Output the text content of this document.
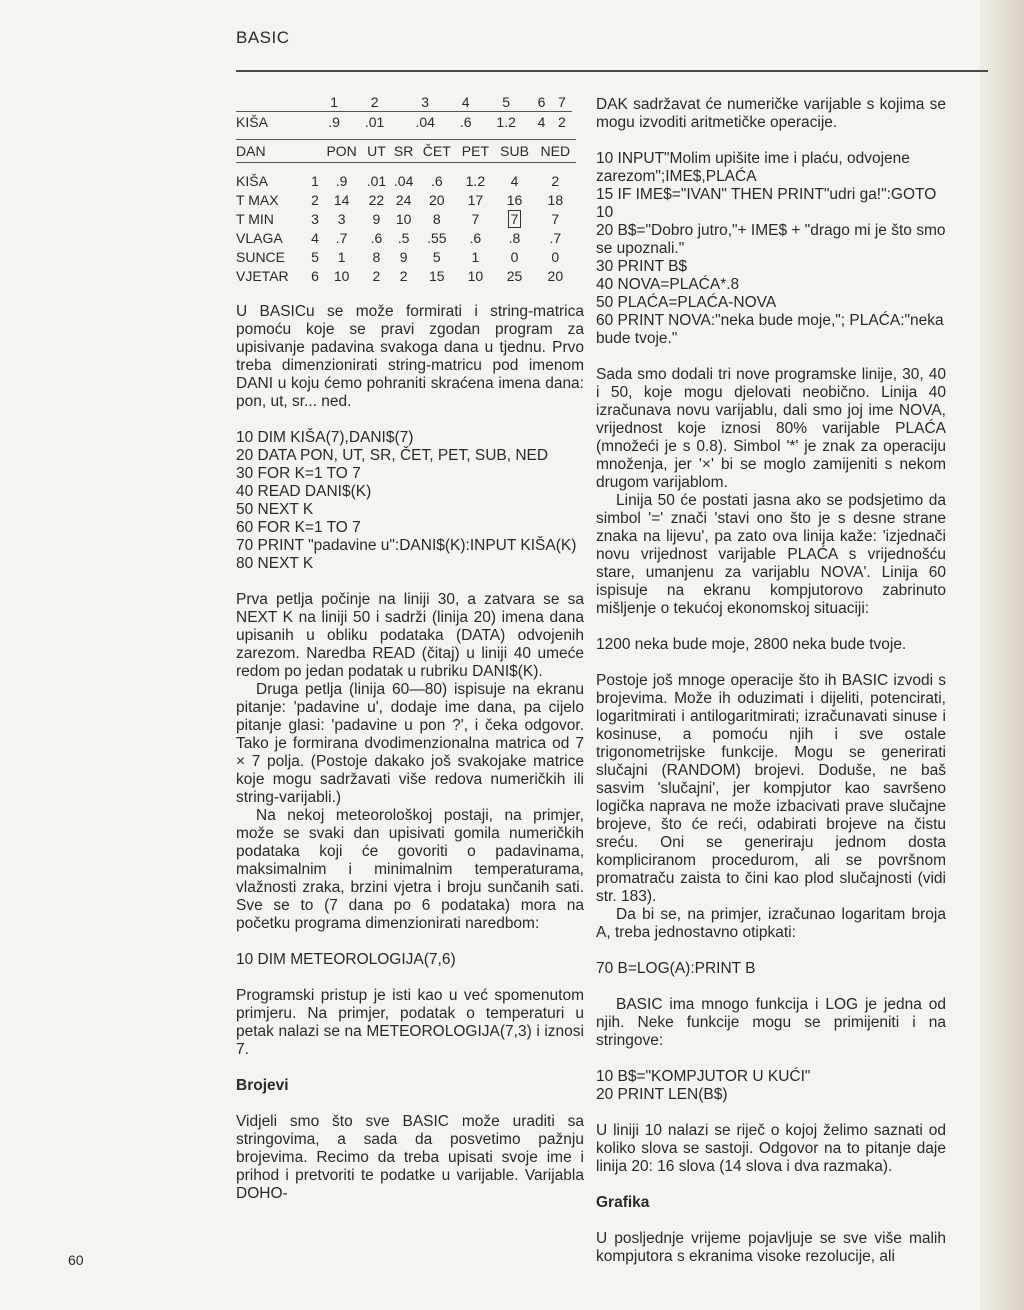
BASIC
	1	2	3	4	5	6	7
KIŠA	.9	.01	.04	.6	1.2	4	2
DAN		PON	UT	SR	ČET	PET	SUB	NED

KIŠA	1	.9	.01	.04	.6	1.2	4	2
T MAX	2	14	22	24	20	17	16	18
T MIN	3	3	9	10	8	7	7	7
VLAGA	4	.7	.6	.5	.55	.6	.8	.7
SUNCE	5	1	8	9	5	1	0	0
VJETAR	6	10	2	2	15	10	25	20

U BASICu se može formirati i string-matrica pomoću koje se pravi zgodan program za upisivanje padavina svakoga dana u tjednu. Prvo treba dimenzionirati string-matricu pod imenom DANI u koju ćemo pohraniti skraćena imena dana: pon, ut, sr... ned.

10 DIM KIŠA(7),DANI$(7)
20 DATA PON, UT, SR, ČET, PET, SUB, NED
30 FOR K=1 TO 7
40 READ DANI$(K)
50 NEXT K
60 FOR K=1 TO 7
70 PRINT "padavine u":DANI$(K):INPUT KIŠA(K)
80 NEXT K

Prva petlja počinje na liniji 30, a zatvara se sa NEXT K na liniji 50 i sadrži (linija 20) imena dana upisanih u obliku podataka (DATA) odvojenih zarezom. Naredba READ (čitaj) u liniji 40 umeće redom po jedan podatak u rubriku DANI$(K).

Druga petlja (linija 60—80) ispisuje na ekranu pitanje: 'padavine u', dodaje ime dana, pa cijelo pitanje glasi: 'padavine u pon ?', i čeka odgovor. Tako je formirana dvodimenzionalna matrica od 7 × 7 polja. (Postoje dakako još svakojake matrice koje mogu sadržavati više redova numeričkih ili string-varijabli.)

Na nekoj meteorološkoj postaji, na primjer, može se svaki dan upisivati gomila numeričkih podataka koji će govoriti o padavinama, maksimalnim i minimalnim temperaturama, vlažnosti zraka, brzini vjetra i broju sunčanih sati. Sve se to (7 dana po 6 podataka) mora na početku programa dimenzionirati naredbom:

10 DIM METEOROLOGIJA(7,6)

Programski pristup je isti kao u već spomenutom primjeru. Na primjer, podatak o temperaturi u petak nalazi se na METEOROLOGIJA(7,3) i iznosi 7.

Brojevi

Vidjeli smo što sve BASIC može uraditi sa stringovima, a sada da posvetimo pažnju brojevima. Recimo da treba upisati svoje ime i prihod i pretvoriti te podatke u varijable. Varijabla DOHO-

DAK sadržavat će numeričke varijable s kojima se mogu izvoditi aritmetičke operacije.

10 INPUT"Molim upišite ime i plaću, odvojene zarezom";IME$,PLAĆA
15 IF IME$="IVAN" THEN PRINT"udri ga!":GOTO 10
20 B$="Dobro jutro,"+ IME$ + "drago mi je što smo se upoznali."
30 PRINT B$
40 NOVA=PLAĆA*.8
50 PLAĆA=PLAĆA-NOVA
60 PRINT NOVA:"neka bude moje,"; PLAĆA:"neka bude tvoje."

Sada smo dodali tri nove programske linije, 30, 40 i 50, koje mogu djelovati neobično. Linija 40 izračunava novu varijablu, dali smo joj ime NOVA, vrijednost koje iznosi 80% varijable PLAĆA (množeći je s 0.8). Simbol '*' je znak za operaciju množenja, jer '×' bi se moglo zamijeniti s nekom drugom varijablom.

Linija 50 će postati jasna ako se podsjetimo da simbol '=' znači 'stavi ono što je s desne strane znaka na lijevu', pa zato ova linija kaže: 'izjednači novu vrijednost varijable PLAĆA s vrijednošću stare, umanjenu za varijablu NOVA'. Linija 60 ispisuje na ekranu kompjutorovo zabrinuto mišljenje o tekućoj ekonomskoj situaciji:

1200 neka bude moje, 2800 neka bude tvoje.

Postoje još mnoge operacije što ih BASIC izvodi s brojevima. Može ih oduzimati i dijeliti, potencirati, logaritmirati i antilogaritmirati; izračunavati sinuse i kosinuse, a pomoću njih i sve ostale trigonometrijske funkcije. Mogu se generirati slučajni (RANDOM) brojevi. Doduše, ne baš sasvim 'slučajni', jer kompjutor kao savršeno logička naprava ne može izbacivati prave slučajne brojeve, što će reći, odabirati brojeve na čistu sreću. Oni se generiraju jednom dosta kompliciranom procedurom, ali se površnom promatraču zaista to čini kao plod slučajnosti (vidi str. 183).

Da bi se, na primjer, izračunao logaritam broja A, treba jednostavno otipkati:

70 B=LOG(A):PRINT B

BASIC ima mnogo funkcija i LOG je jedna od njih. Neke funkcije mogu se primijeniti i na stringove:

10 B$="KOMPJUTOR U KUĆI"
20 PRINT LEN(B$)

U liniji 10 nalazi se riječ o kojoj želimo saznati od koliko slova se sastoji. Odgovor na to pitanje daje linija 20: 16 slova (14 slova i dva razmaka).

Grafika

U posljednje vrijeme pojavljuje se sve više malih kompjutora s ekranima visoke rezolucije, ali

60
